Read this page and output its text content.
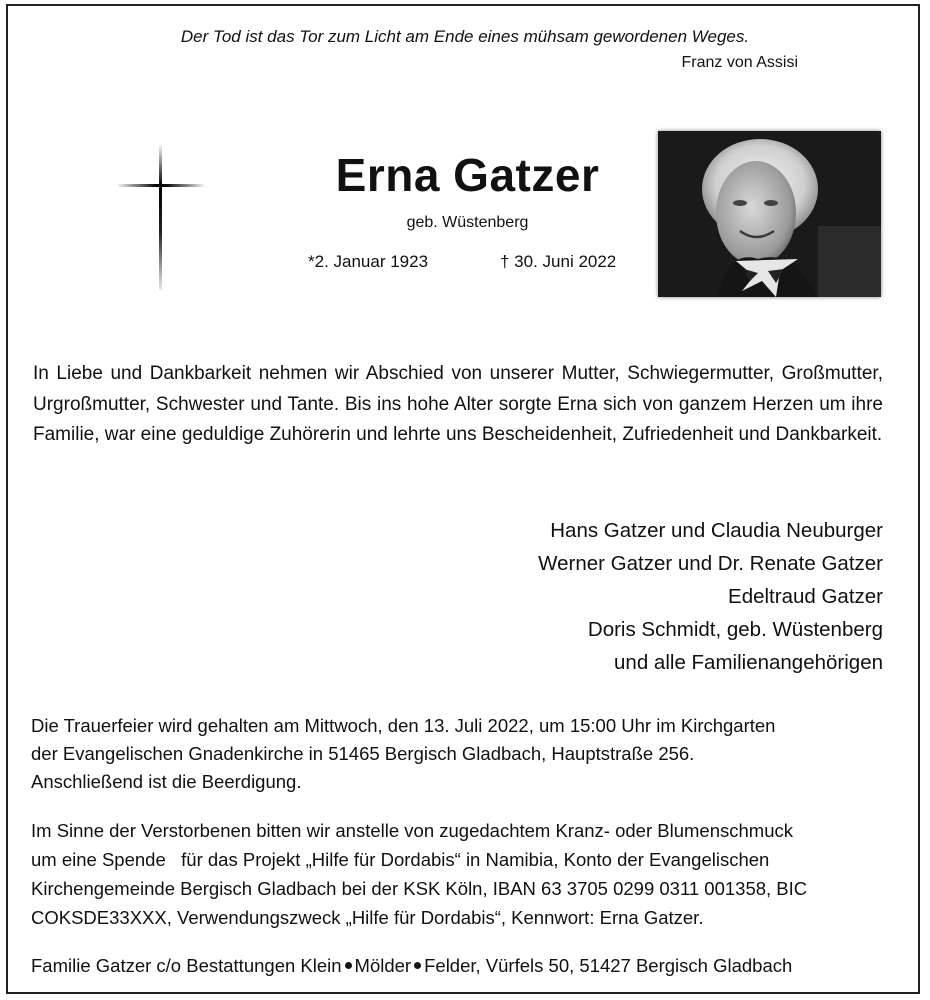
Der Tod ist das Tor zum Licht am Ende eines mühsam gewordenen Weges.
Franz von Assisi
Erna Gatzer
geb. Wüstenberg
*2. Januar 1923	† 30. Juni 2022
In Liebe und Dankbarkeit nehmen wir Abschied von unserer Mutter, Schwiegermutter, Großmutter, Urgroßmutter, Schwester und Tante. Bis ins hohe Alter sorgte Erna sich von ganzem Herzen um ihre Familie, war eine geduldige Zuhörerin und lehrte uns Bescheidenheit, Zufriedenheit und Dankbarkeit.
Hans Gatzer und Claudia Neuburger
Werner Gatzer und Dr. Renate Gatzer
Edeltraud Gatzer
Doris Schmidt, geb. Wüstenberg
und alle Familienangehörigen
Die Trauerfeier wird gehalten am Mittwoch, den 13. Juli 2022, um 15:00 Uhr im Kirchgarten
der Evangelischen Gnadenkirche in 51465 Bergisch Gladbach, Hauptstraße 256.
Anschließend ist die Beerdigung.
Im Sinne der Verstorbenen bitten wir anstelle von zugedachtem Kranz- oder Blumenschmuck
um eine Spende   für das Projekt „Hilfe für Dordabis“ in Namibia, Konto der Evangelischen
Kirchengemeinde Bergisch Gladbach bei der KSK Köln, IBAN 63 3705 0299 0311 001358, BIC
COKSDE33XXX, Verwendungszweck „Hilfe für Dordabis“, Kennwort: Erna Gatzer.
Familie Gatzer c/o Bestattungen Klein Mölder Felder, Vürfels 50, 51427 Bergisch Gladbach
